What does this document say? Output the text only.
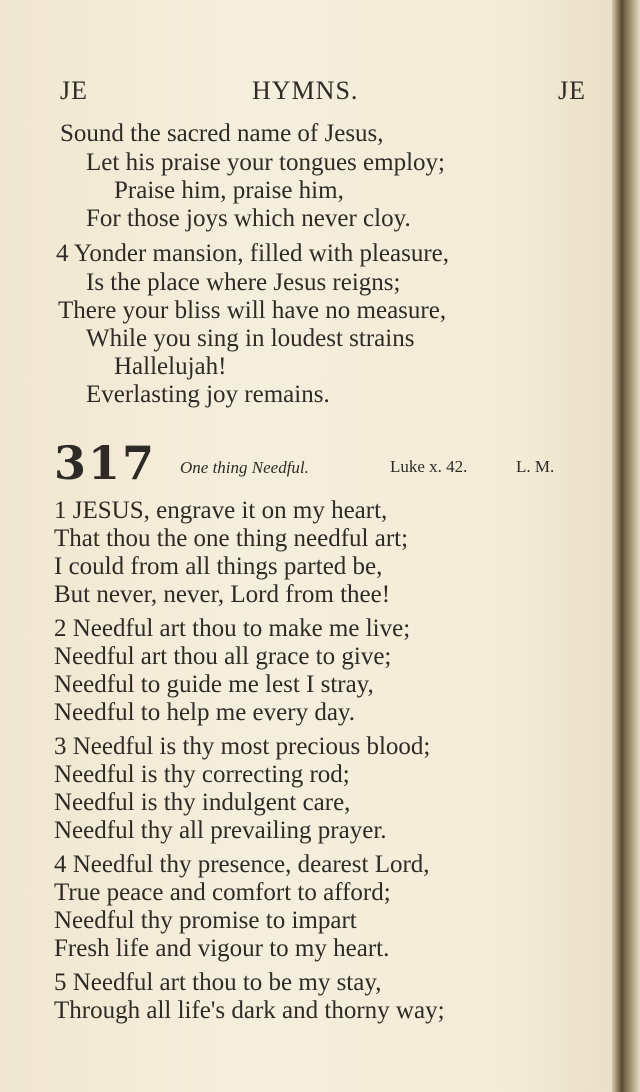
JE	HYMNS.	JE
Sound the sacred name of Jesus,
Let his praise your tongues employ;
Praise him, praise him,
For those joys which never cloy.
4 Yonder mansion, filled with pleasure,
Is the place where Jesus reigns;
There your bliss will have no measure,
While you sing in loudest strains
Hallelujah!
Everlasting joy remains.
317 One thing Needful.	Luke x. 42.	L. M.
1 JESUS, engrave it on my heart,
That thou the one thing needful art;
I could from all things parted be,
But never, never, Lord from thee!
2 Needful art thou to make me live;
Needful art thou all grace to give;
Needful to guide me lest I stray,
Needful to help me every day.
3 Needful is thy most precious blood;
Needful is thy correcting rod;
Needful is thy indulgent care,
Needful thy all prevailing prayer.
4 Needful thy presence, dearest Lord,
True peace and comfort to afford;
Needful thy promise to impart
Fresh life and vigour to my heart.
5 Needful art thou to be my stay,
Through all life's dark and thorny way;
